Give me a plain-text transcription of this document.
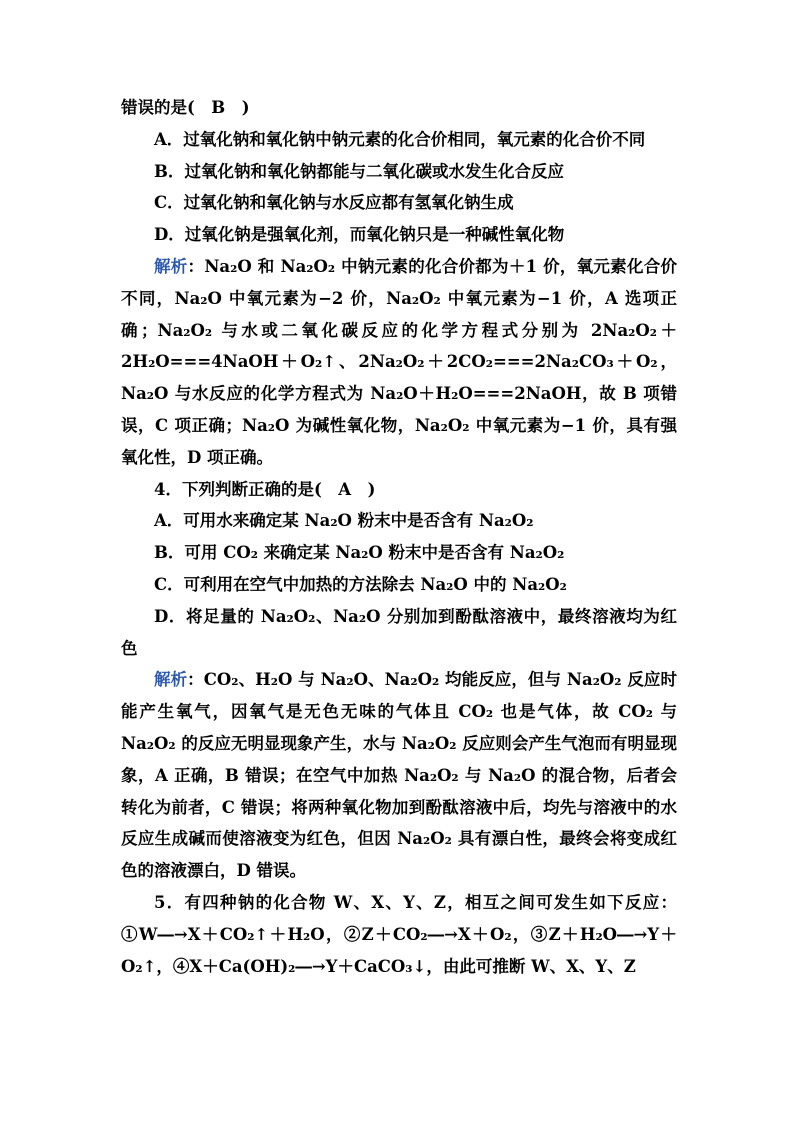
错误的是(　B　)

A．过氧化钠和氧化钠中钠元素的化合价相同，氧元素的化合价不同

B．过氧化钠和氧化钠都能与二氧化碳或水发生化合反应

C．过氧化钠和氧化钠与水反应都有氢氧化钠生成

D．过氧化钠是强氧化剂，而氧化钠只是一种碱性氧化物

解析：Na₂O 和 Na₂O₂ 中钠元素的化合价都为＋1 价，氧元素化合价不同，Na₂O 中氧元素为−2 价，Na₂O₂ 中氧元素为−1 价，A 选项正确；Na₂O₂ 与水或二氧化碳反应的化学方程式分别为 2Na₂O₂＋2H₂O===4NaOH＋O₂↑、2Na₂O₂＋2CO₂===2Na₂CO₃＋O₂，Na₂O 与水反应的化学方程式为 Na₂O＋H₂O===2NaOH，故 B 项错误，C 项正确；Na₂O 为碱性氧化物，Na₂O₂ 中氧元素为−1 价，具有强氧化性，D 项正确。

4．下列判断正确的是(　A　)

A．可用水来确定某 Na₂O 粉末中是否含有 Na₂O₂

B．可用 CO₂ 来确定某 Na₂O 粉末中是否含有 Na₂O₂

C．可利用在空气中加热的方法除去 Na₂O 中的 Na₂O₂

D．将足量的 Na₂O₂、Na₂O 分别加到酚酞溶液中，最终溶液均为红色

解析：CO₂、H₂O 与 Na₂O、Na₂O₂ 均能反应，但与 Na₂O₂ 反应时能产生氧气，因氧气是无色无味的气体且 CO₂ 也是气体，故 CO₂ 与 Na₂O₂ 的反应无明显现象产生，水与 Na₂O₂ 反应则会产生气泡而有明显现象，A 正确，B 错误；在空气中加热 Na₂O₂ 与 Na₂O 的混合物，后者会转化为前者，C 错误；将两种氧化物加到酚酞溶液中后，均先与溶液中的水反应生成碱而使溶液变为红色，但因 Na₂O₂ 具有漂白性，最终会将变成红色的溶液漂白，D 错误。

5．有四种钠的化合物 W、X、Y、Z，相互之间可发生如下反应：①W―→X＋CO₂↑＋H₂O，②Z＋CO₂―→X＋O₂，③Z＋H₂O―→Y＋O₂↑，④X＋Ca(OH)₂―→Y＋CaCO₃↓，由此可推断 W、X、Y、Z
